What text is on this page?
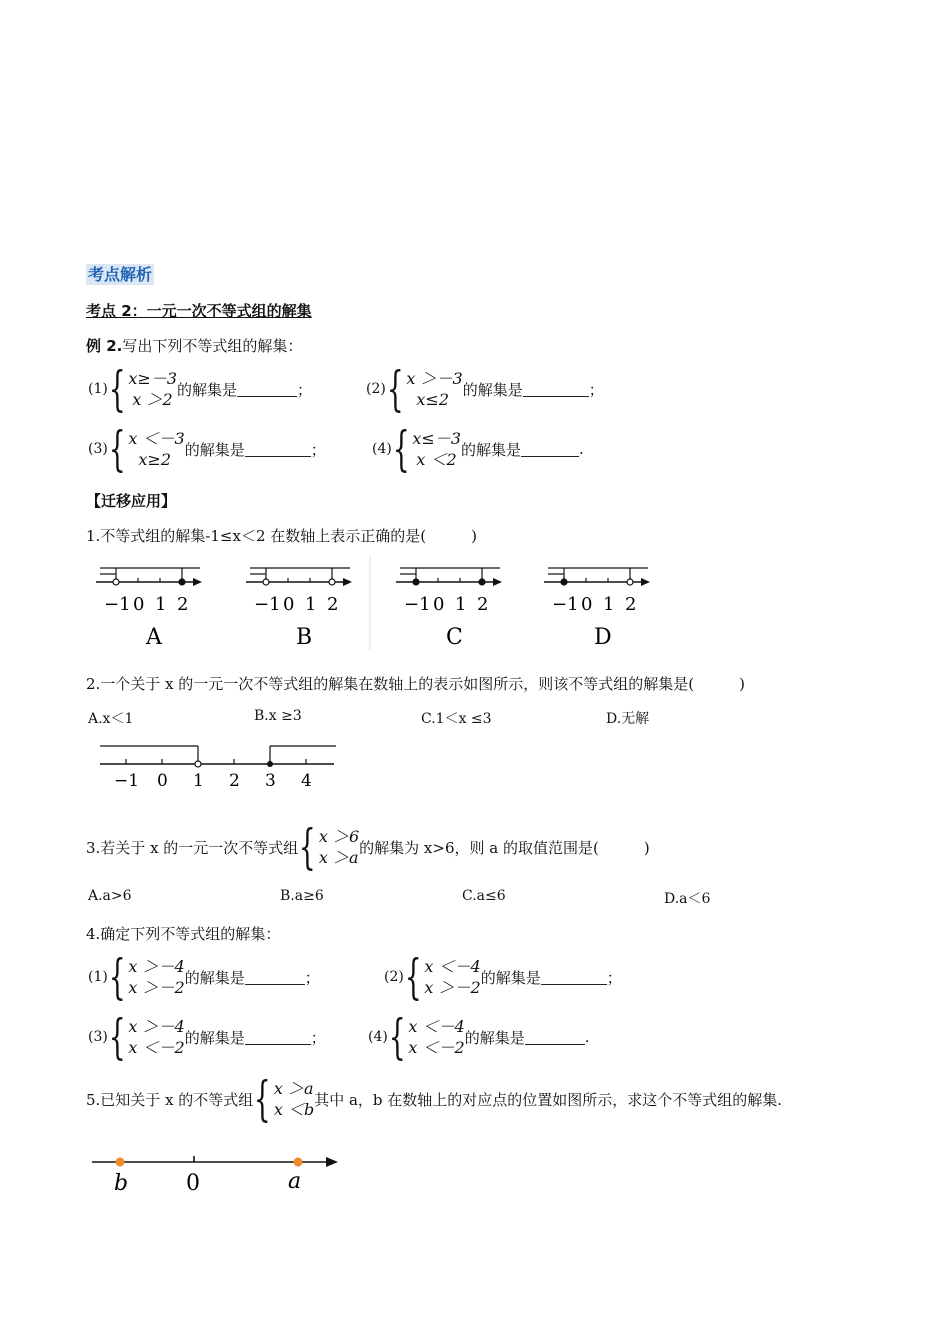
考点解析
考点 2：一元一次不等式组的解集
例 2.写出下列不等式组的解集：
(1) { x≥－3
x ＞2
的解集是	；	(2) { x ＞－3
x≤2
的解集是	；
(3) { x ＜－3
x≥2
的解集是	；	(4) { x≤－3
x ＜2
的解集是	.
【迁移应用】
1.不等式组的解集-1≤x＜2 在数轴上表示正确的是(　　　)
−1 0 1 2
A
−1 0 1 2
B
−1 0 1 2
C
−1 0 1 2
D
2.一个关于 x 的一元一次不等式组的解集在数轴上的表示如图所示，则该不等式组的解集是(　　　)
A.x＜1	B.x ≥3	C.1＜x ≤3	D.无解
−1 0 1 2 3 4
3.若关于 x 的一元一次不等式组 { x ＞6
x ＞a
的解集为 x>6，则 a 的取值范围是(　　　)
A.a>6	B.a≥6	C.a≤6	D.a＜6
4.确定下列不等式组的解集：
(1) { x ＞－4
x ＞－2
的解集是	；	(2) { x ＜－4
x ＞－2
的解集是	；
(3) { x ＞－4
x ＜－2
的解集是	；	(4) { x ＜－4
x ＜－2
的解集是	.
5.已知关于 x 的不等式组 { x ＞a
x ＜b
其中 a，b 在数轴上的对应点的位置如图所示，求这个不等式组的解集.
b	0	a
